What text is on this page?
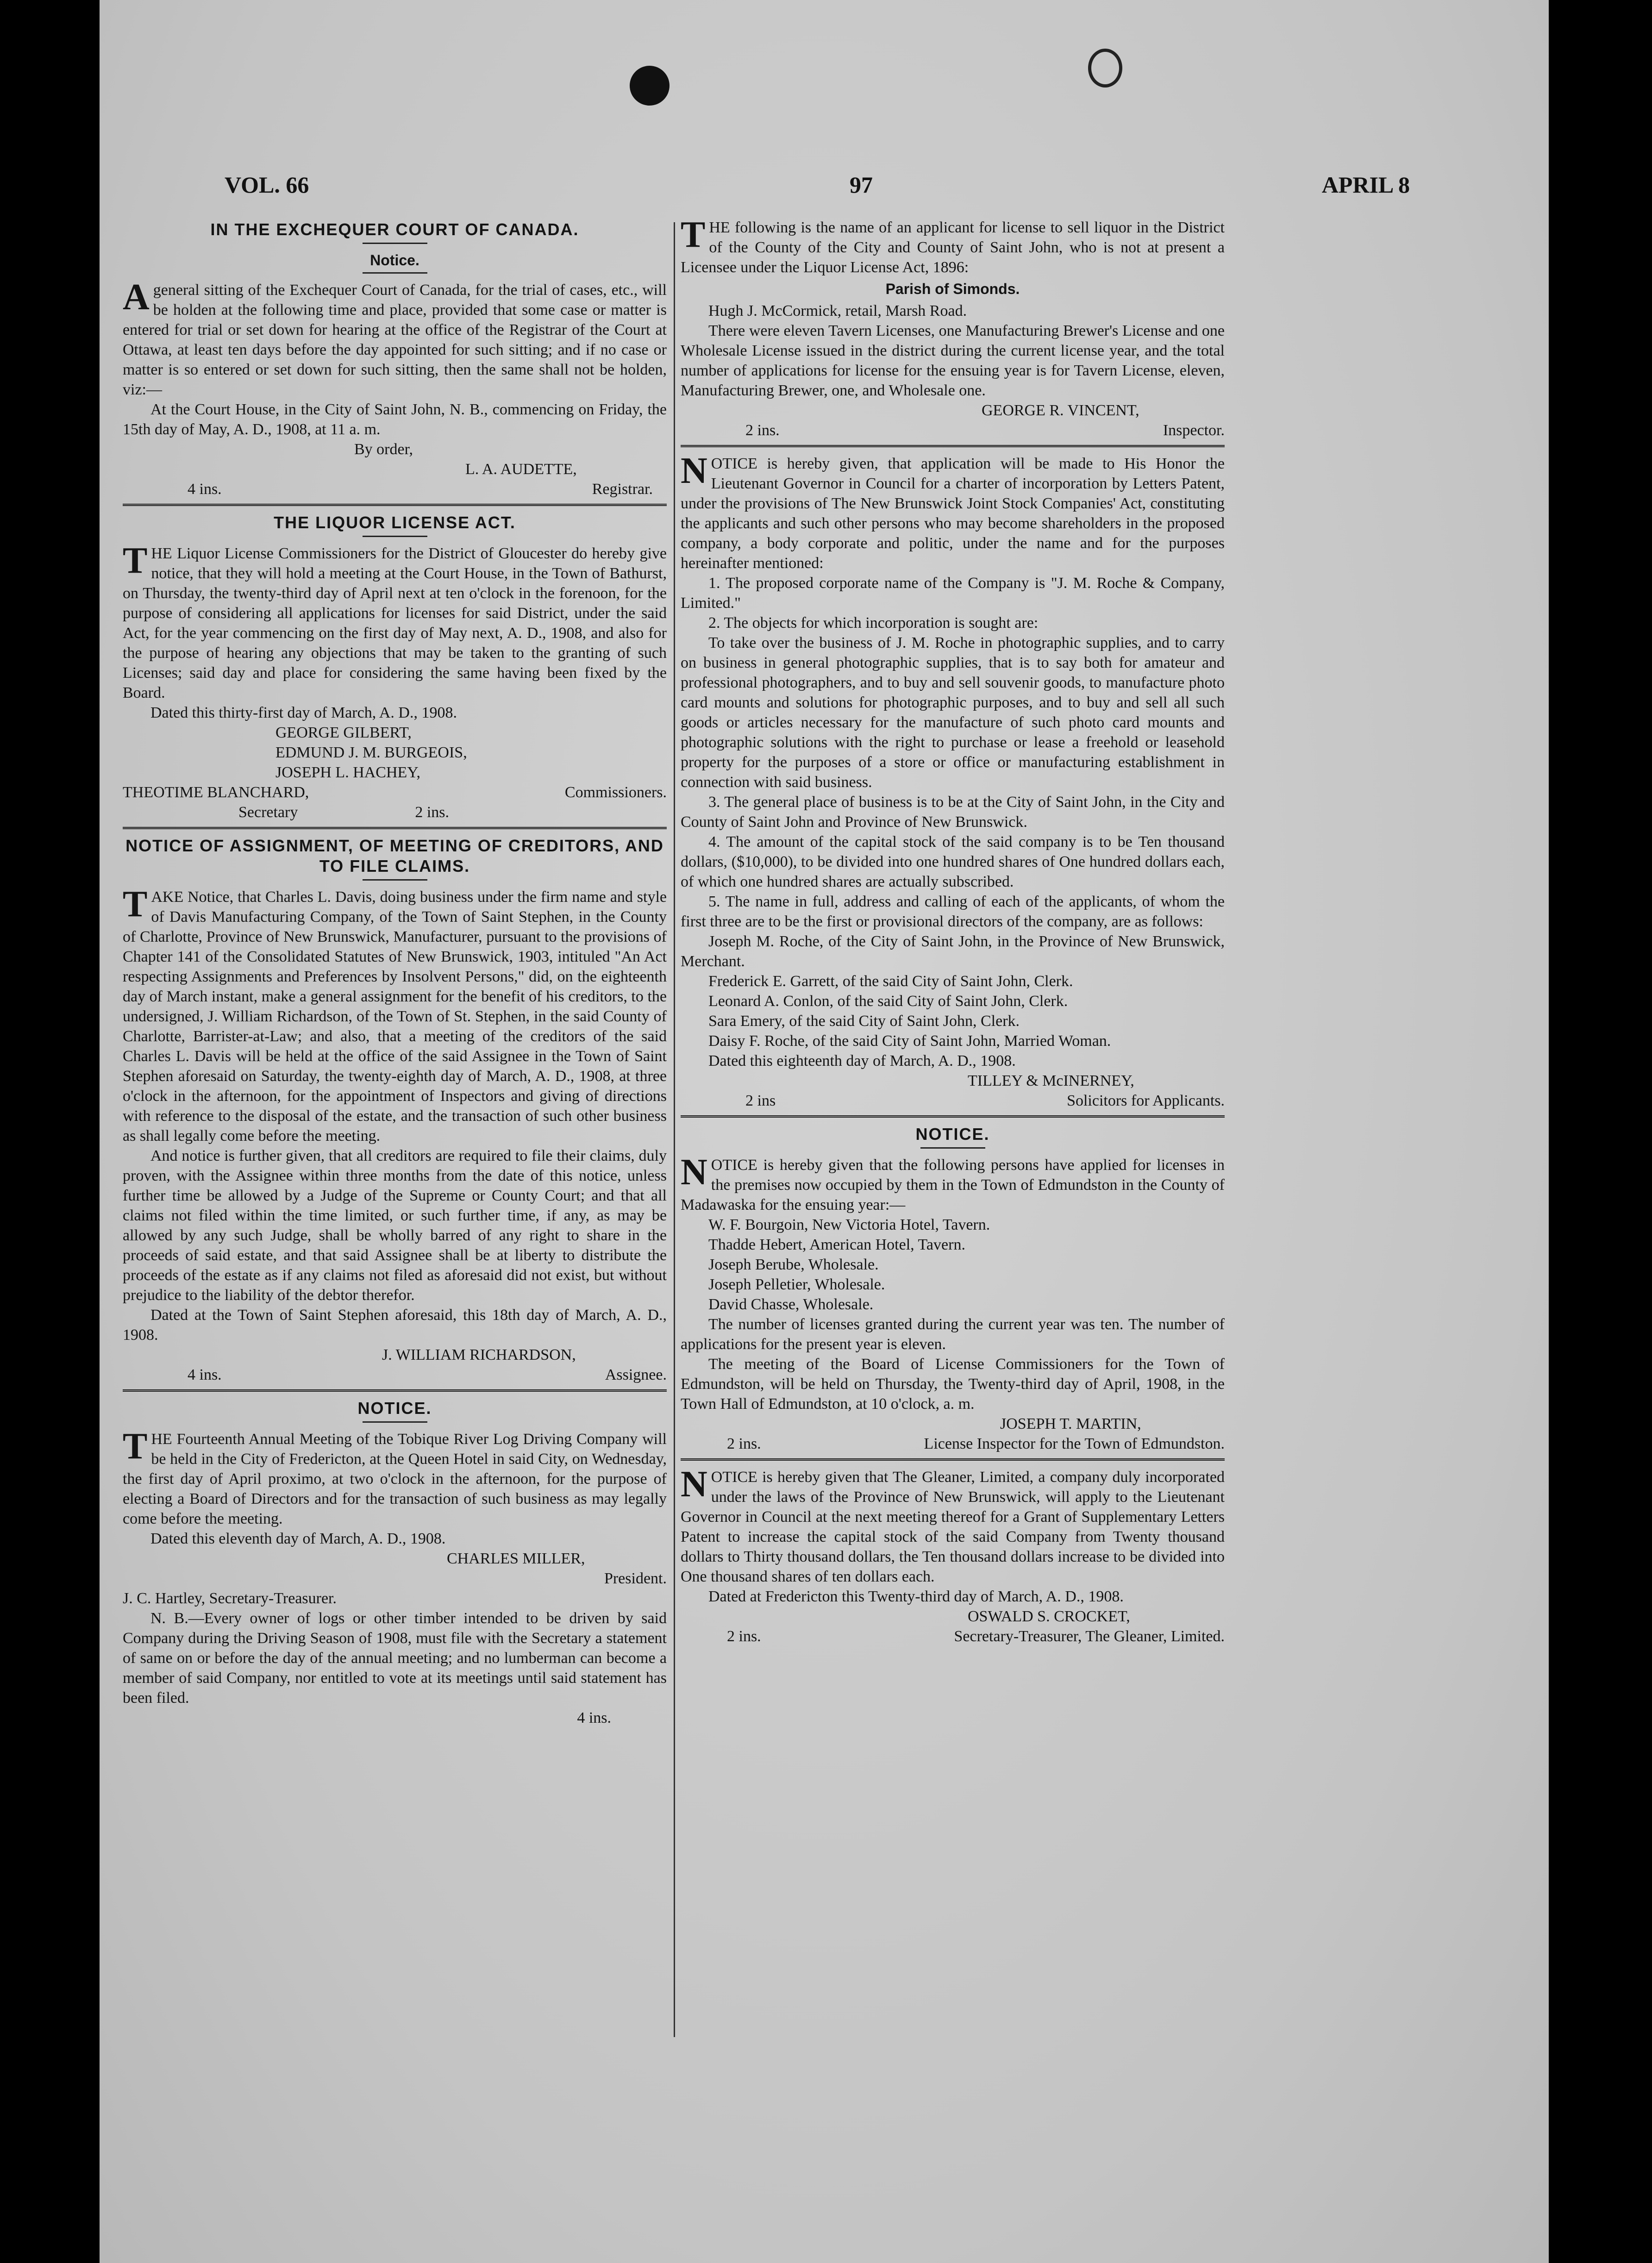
VOL. 66	97	APRIL 8
IN THE EXCHEQUER COURT OF CANADA.
Notice.

Ageneral sitting of the Exchequer Court of Canada, for the trial of cases, etc., will be holden at the following time and place, provided that some case or matter is entered for trial or set down for hearing at the office of the Registrar of the Court at Ottawa, at least ten days before the day appointed for such sitting; and if no case or matter is so entered or set down for such sitting, then the same shall not be holden, viz:—

At the Court House, in the City of Saint John, N. B., commencing on Friday, the 15th day of May, A. D., 1908, at 11 a. m.

By order,

L. A. AUDETTE,

4 ins.	Registrar.
THE LIQUOR LICENSE ACT.

THE Liquor License Commissioners for the District of Gloucester do hereby give notice, that they will hold a meeting at the Court House, in the Town of Bathurst, on Thursday, the twenty-third day of April next at ten o'clock in the forenoon, for the purpose of considering all applications for licenses for said District, under the said Act, for the year commencing on the first day of May next, A. D., 1908, and also for the purpose of hearing any objections that may be taken to the granting of such Licenses; said day and place for considering the same having been fixed by the Board.

Dated this thirty-first day of March, A. D., 1908.

GEORGE GILBERT,

EDMUND J. M. BURGEOIS,

JOSEPH L. HACHEY,

THEOTIME BLANCHARD,	Commissioners.
Secretary	2 ins.
NOTICE OF ASSIGNMENT, OF MEETING OF CREDITORS, AND TO FILE CLAIMS.

TAKE Notice, that Charles L. Davis, doing business under the firm name and style of Davis Manufacturing Company, of the Town of Saint Stephen, in the County of Charlotte, Province of New Brunswick, Manufacturer, pursuant to the provisions of Chapter 141 of the Consolidated Statutes of New Brunswick, 1903, intituled "An Act respecting Assignments and Preferences by Insolvent Persons," did, on the eighteenth day of March instant, make a general assignment for the benefit of his creditors, to the undersigned, J. William Richardson, of the Town of St. Stephen, in the said County of Charlotte, Barrister-at-Law; and also, that a meeting of the creditors of the said Charles L. Davis will be held at the office of the said Assignee in the Town of Saint Stephen aforesaid on Saturday, the twenty-eighth day of March, A. D., 1908, at three o'clock in the afternoon, for the appointment of Inspectors and giving of directions with reference to the disposal of the estate, and the transaction of such other business as shall legally come before the meeting.

And notice is further given, that all creditors are required to file their claims, duly proven, with the Assignee within three months from the date of this notice, unless further time be allowed by a Judge of the Supreme or County Court; and that all claims not filed within the time limited, or such further time, if any, as may be allowed by any such Judge, shall be wholly barred of any right to share in the proceeds of said estate, and that said Assignee shall be at liberty to distribute the proceeds of the estate as if any claims not filed as aforesaid did not exist, but without prejudice to the liability of the debtor therefor.

Dated at the Town of Saint Stephen aforesaid, this 18th day of March, A. D., 1908.

J. WILLIAM RICHARDSON,

4 ins.	Assignee.
NOTICE.

THE Fourteenth Annual Meeting of the Tobique River Log Driving Company will be held in the City of Fredericton, at the Queen Hotel in said City, on Wednesday, the first day of April proximo, at two o'clock in the afternoon, for the purpose of electing a Board of Directors and for the transaction of such business as may legally come before the meeting.

Dated this eleventh day of March, A. D., 1908.

CHARLES MILLER,

President.

J. C. Hartley, Secretary-Treasurer.

N. B.—Every owner of logs or other timber intended to be driven by said Company during the Driving Season of 1908, must file with the Secretary a statement of same on or before the day of the annual meeting; and no lumberman can become a member of said Company, nor entitled to vote at its meetings until said statement has been filed.

4 ins.

THE following is the name of an applicant for license to sell liquor in the District of the County of the City and County of Saint John, who is not at present a Licensee under the Liquor License Act, 1896:

Parish of Simonds.

Hugh J. McCormick, retail, Marsh Road.

There were eleven Tavern Licenses, one Manufacturing Brewer's License and one Wholesale License issued in the district during the current license year, and the total number of applications for license for the ensuing year is for Tavern License, eleven, Manufacturing Brewer, one, and Wholesale one.

GEORGE R. VINCENT,

2 ins.	Inspector.

NOTICE is hereby given, that application will be made to His Honor the Lieutenant Governor in Council for a charter of incorporation by Letters Patent, under the provisions of The New Brunswick Joint Stock Companies' Act, constituting the applicants and such other persons who may become shareholders in the proposed company, a body corporate and politic, under the name and for the purposes hereinafter mentioned:

1. The proposed corporate name of the Company is "J. M. Roche & Company, Limited."

2. The objects for which incorporation is sought are:

To take over the business of J. M. Roche in photographic supplies, and to carry on business in general photographic supplies, that is to say both for amateur and professional photographers, and to buy and sell souvenir goods, to manufacture photo card mounts and solutions for photographic purposes, and to buy and sell all such goods or articles necessary for the manufacture of such photo card mounts and photographic solutions with the right to purchase or lease a freehold or leasehold property for the purposes of a store or office or manufacturing establishment in connection with said business.

3. The general place of business is to be at the City of Saint John, in the City and County of Saint John and Province of New Brunswick.

4. The amount of the capital stock of the said company is to be Ten thousand dollars, ($10,000), to be divided into one hundred shares of One hundred dollars each, of which one hundred shares are actually subscribed.

5. The name in full, address and calling of each of the applicants, of whom the first three are to be the first or provisional directors of the company, are as follows:

Joseph M. Roche, of the City of Saint John, in the Province of New Brunswick, Merchant.

Frederick E. Garrett, of the said City of Saint John, Clerk.

Leonard A. Conlon, of the said City of Saint John, Clerk.

Sara Emery, of the said City of Saint John, Clerk.

Daisy F. Roche, of the said City of Saint John, Married Woman.

Dated this eighteenth day of March, A. D., 1908.

TILLEY & McINERNEY,

2 ins	Solicitors for Applicants.
NOTICE.

NOTICE is hereby given that the following persons have applied for licenses in the premises now occupied by them in the Town of Edmundston in the County of Madawaska for the ensuing year:—

W. F. Bourgoin, New Victoria Hotel, Tavern.

Thadde Hebert, American Hotel, Tavern.

Joseph Berube, Wholesale.

Joseph Pelletier, Wholesale.

David Chasse, Wholesale.

The number of licenses granted during the current year was ten. The number of applications for the present year is eleven.

The meeting of the Board of License Commissioners for the Town of Edmundston, will be held on Thursday, the Twenty-third day of April, 1908, in the Town Hall of Edmundston, at 10 o'clock, a. m.

JOSEPH T. MARTIN,

2 ins.	License Inspector for the Town of Edmundston.

NOTICE is hereby given that The Gleaner, Limited, a company duly incorporated under the laws of the Province of New Brunswick, will apply to the Lieutenant Governor in Council at the next meeting thereof for a Grant of Supplementary Letters Patent to increase the capital stock of the said Company from Twenty thousand dollars to Thirty thousand dollars, the Ten thousand dollars increase to be divided into One thousand shares of ten dollars each.

Dated at Fredericton this Twenty-third day of March, A. D., 1908.

OSWALD S. CROCKET,

2 ins.	Secretary-Treasurer, The Gleaner, Limited.
